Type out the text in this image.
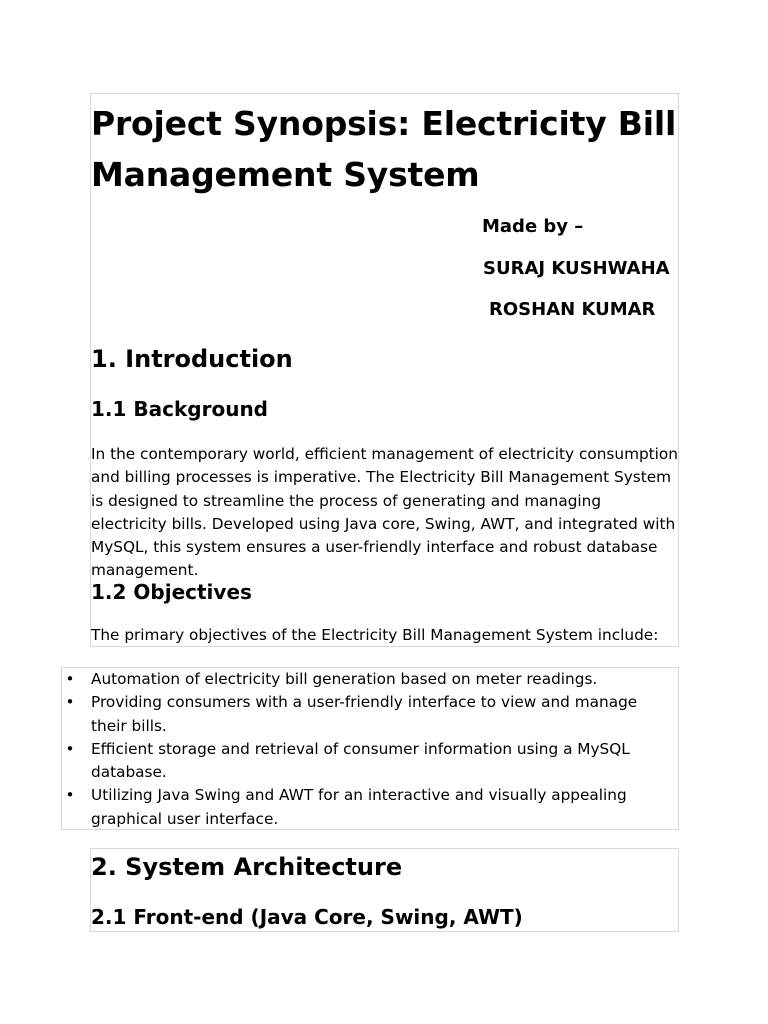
Project Synopsis: Electricity Bill Management System
Made by –
SURAJ KUSHWAHA
ROSHAN KUMAR
1. Introduction
1.1 Background
In the contemporary world, efficient management of electricity consumption and billing processes is imperative. The Electricity Bill Management System is designed to streamline the process of generating and managing electricity bills. Developed using Java core, Swing, AWT, and integrated with MySQL, this system ensures a user-friendly interface and robust database management.
1.2 Objectives
The primary objectives of the Electricity Bill Management System include:
• Automation of electricity bill generation based on meter readings.
• Providing consumers with a user-friendly interface to view and manage their bills.
• Efficient storage and retrieval of consumer information using a MySQL database.
• Utilizing Java Swing and AWT for an interactive and visually appealing graphical user interface.
2. System Architecture
2.1 Front-end (Java Core, Swing, AWT)
